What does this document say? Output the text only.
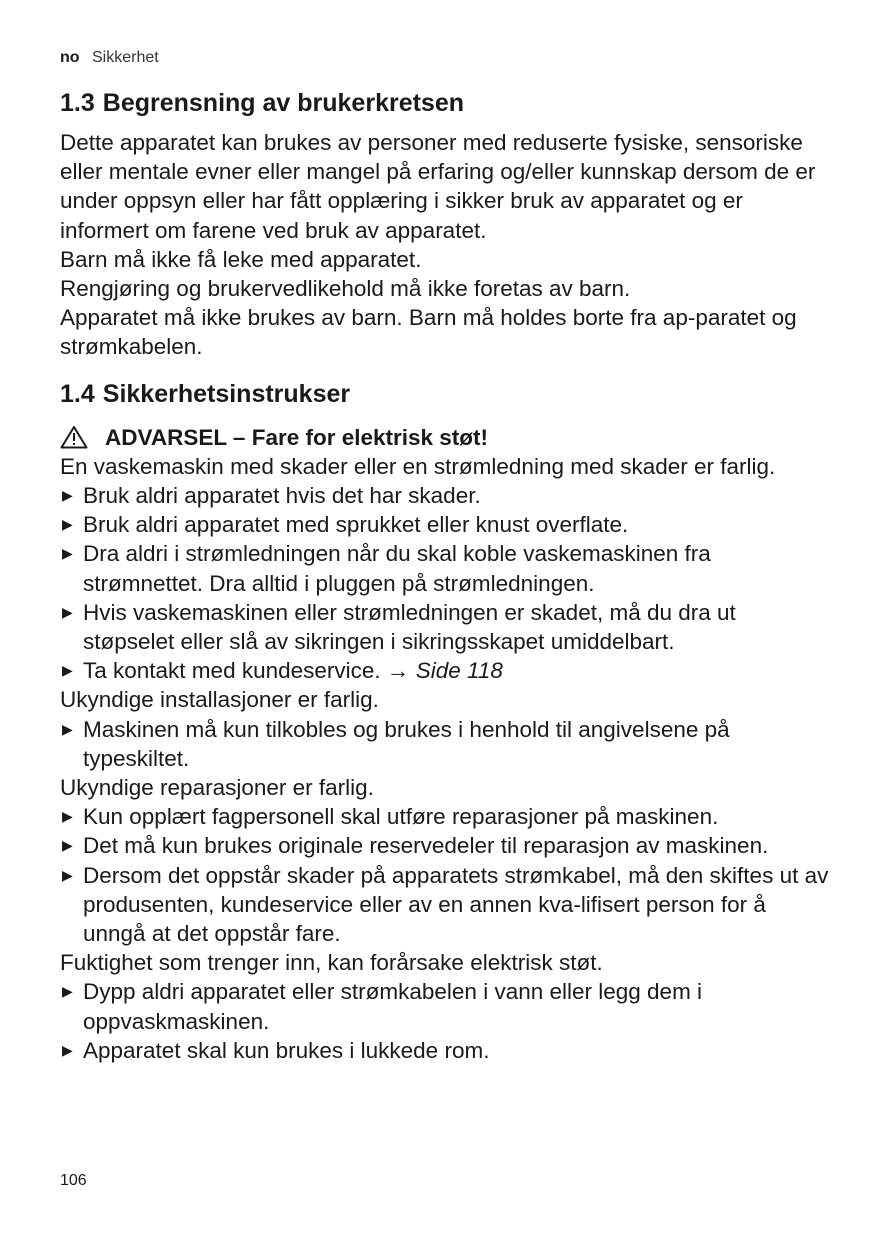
no Sikkerhet
1.3 Begrensning av brukerkretsen

Dette apparatet kan brukes av personer med reduserte fysiske, sensoriske eller mentale evner eller mangel på erfaring og/eller kunnskap dersom de er under oppsyn eller har fått opplæring i sikker bruk av apparatet og er informert om farene ved bruk av apparatet.

Barn må ikke få leke med apparatet.

Rengjøring og brukervedlikehold må ikke foretas av barn.

Apparatet må ikke brukes av barn. Barn må holdes borte fra ap-paratet og strømkabelen.

1.4 Sikkerhetsinstrukser
ADVARSEL – Fare for elektrisk støt!

En vaskemaskin med skader eller en strømledning med skader er farlig.

▶ Bruk aldri apparatet hvis det har skader.
▶ Bruk aldri apparatet med sprukket eller knust overflate.
▶ Dra aldri i strømledningen når du skal koble vaskemaskinen fra strømnettet. Dra alltid i pluggen på strømledningen.
▶ Hvis vaskemaskinen eller strømledningen er skadet, må du dra ut støpselet eller slå av sikringen i sikringsskapet umiddelbart.
▶ Ta kontakt med kundeservice. → Side 118

Ukyndige installasjoner er farlig.

▶ Maskinen må kun tilkobles og brukes i henhold til angivelsene på typeskiltet.

Ukyndige reparasjoner er farlig.

▶ Kun opplært fagpersonell skal utføre reparasjoner på maskinen.
▶ Det må kun brukes originale reservedeler til reparasjon av maskinen.
▶ Dersom det oppstår skader på apparatets strømkabel, må den skiftes ut av produsenten, kundeservice eller av en annen kva-lifisert person for å unngå at det oppstår fare.

Fuktighet som trenger inn, kan forårsake elektrisk støt.

▶ Dypp aldri apparatet eller strømkabelen i vann eller legg dem i oppvaskmaskinen.
▶ Apparatet skal kun brukes i lukkede rom.
106
